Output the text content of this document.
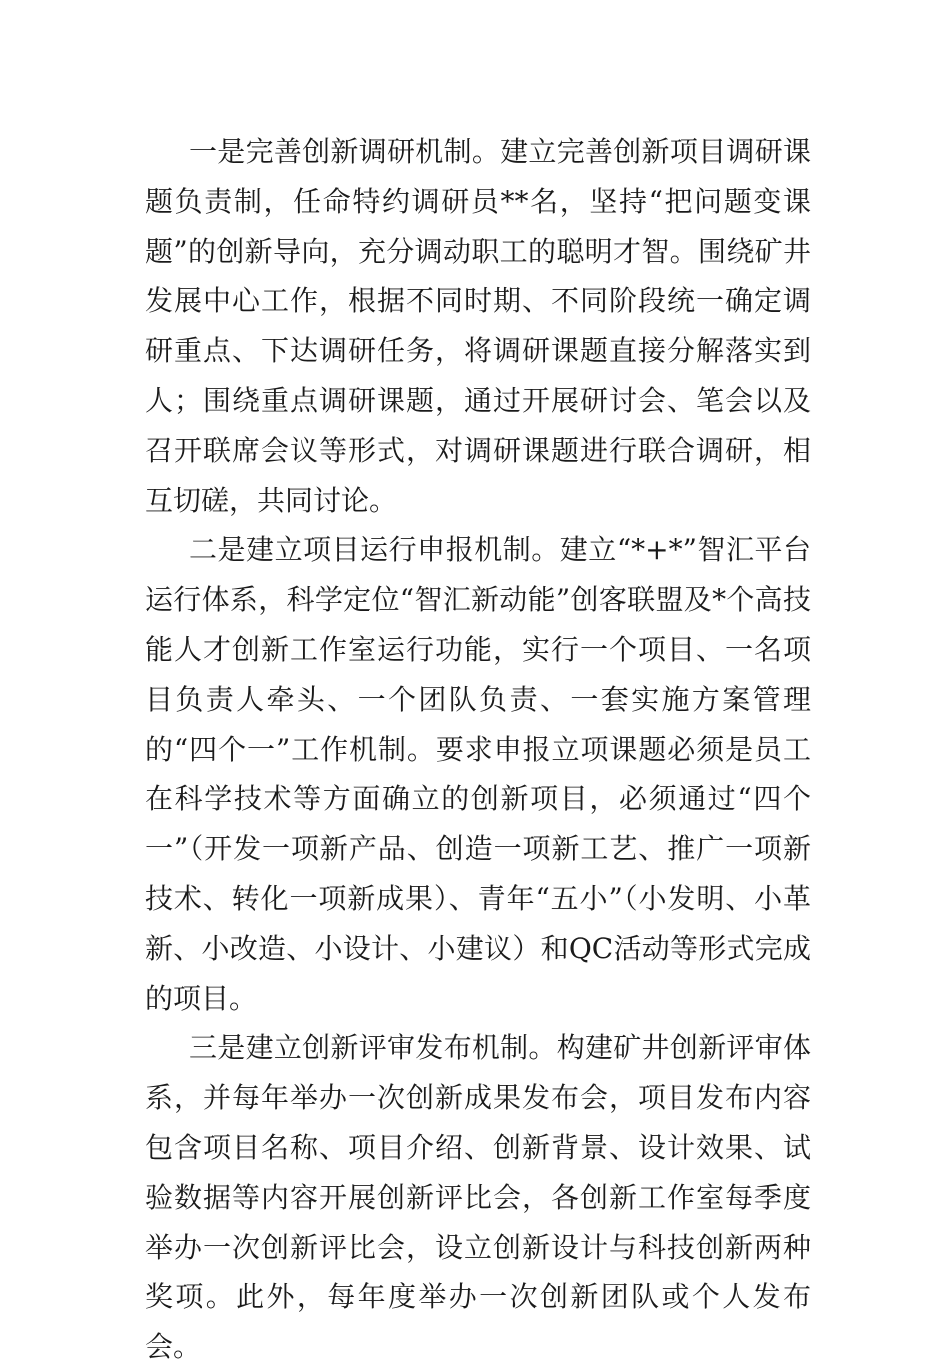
一是完善创新调研机制。建立完善创新项目调研课题负责制，任命特约调研员**名，坚持“把问题变课题”的创新导向，充分调动职工的聪明才智。围绕矿井发展中心工作，根据不同时期、不同阶段统一确定调研重点、下达调研任务，将调研课题直接分解落实到人；围绕重点调研课题，通过开展研讨会、笔会以及召开联席会议等形式，对调研课题进行联合调研，相互切磋，共同讨论。

二是建立项目运行申报机制。建立“*+*”智汇平台运行体系，科学定位“智汇新动能”创客联盟及*个高技能人才创新工作室运行功能，实行一个项目、一名项目负责人牵头、一个团队负责、一套实施方案管理的“四个一”工作机制。要求申报立项课题必须是员工在科学技术等方面确立的创新项目，必须通过“四个一”（开发一项新产品、创造一项新工艺、推广一项新技术、转化一项新成果）、青年“五小”（小发明、小革新、小改造、小设计、小建议）和QC活动等形式完成的项目。

三是建立创新评审发布机制。构建矿井创新评审体系，并每年举办一次创新成果发布会，项目发布内容包含项目名称、项目介绍、创新背景、设计效果、试验数据等内容开展创新评比会，各创新工作室每季度举办一次创新评比会，设立创新设计与科技创新两种奖项。此外，每年度举办一次创新团队或个人发布会。
